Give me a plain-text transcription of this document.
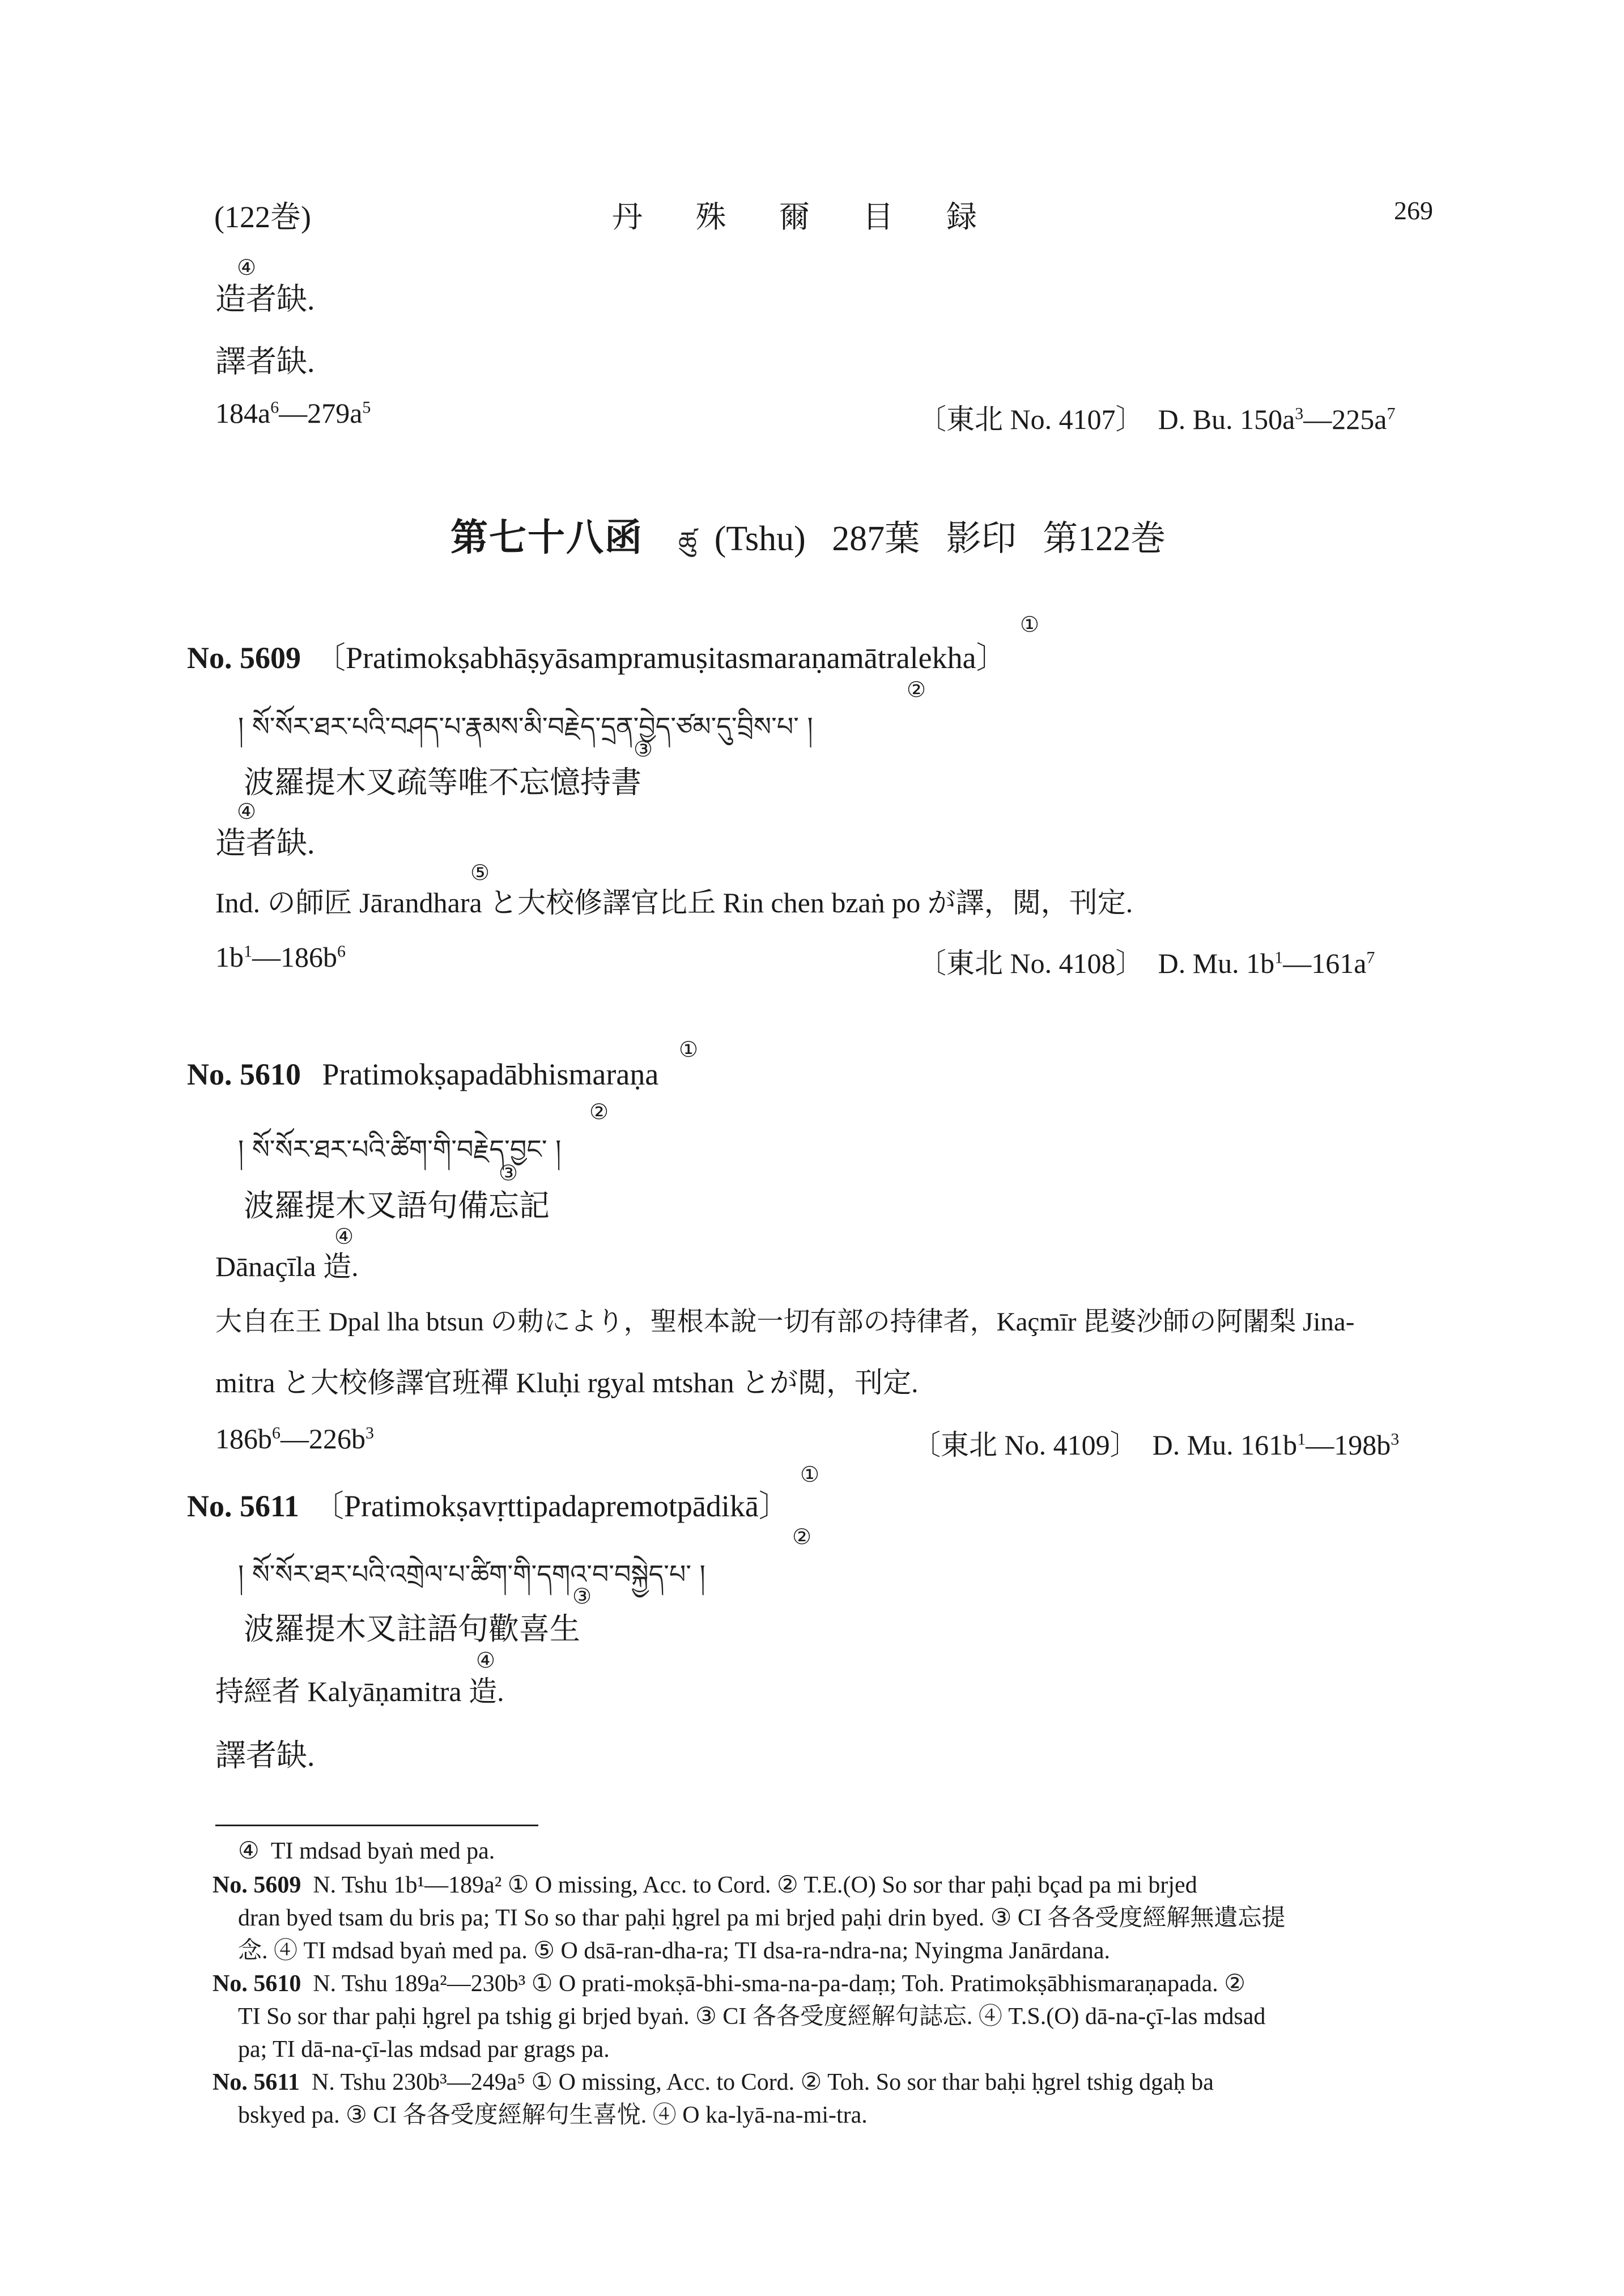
(122巻)	丹 殊 爾 目 録	269
④
造者缺.
譯者缺.
$184a^6—279a^5$	〔東北 No. 4107〕 D. Bu. $150a^3—225a^7$
第七十八函 ཚུ (Tshu) 287葉 影印 第122巻
①
No. 5609 〔Pratimokṣabhāṣyāsampramuṣitasmaraṇamātralekha〕
②
། སོ་སོར་ཐར་པའི་བཤད་པ་རྣམས་མི་བརྗེད་དྲན་བྱེད་ཙམ་དུ་བྲིས་པ་ །
③
波羅提木叉疏等唯不忘憶持書
④
造者缺.
⑤
Ind. の師匠 Jārandhara と大校修譯官比丘 Rin chen bzaṅ po が譯，閲，刊定.
$1b^1—186b^6$	〔東北 No. 4108〕 D. Mu. $1b^1—161a^7$
①
No. 5610 Pratimokṣapadābhismaraṇa
②
། སོ་སོར་ཐར་པའི་ཚིག་གི་བརྗེད་བྱང་ །
③
波羅提木叉語句備忘記
④
Dānaçīla 造.
大自在王 Dpal lha btsun の勅により，聖根本說一切有部の持律者，Kaçmīr 毘婆沙師の阿闍梨 Jina-
mitra と大校修譯官班禪 Kluḥi rgyal mtshan とが閲，刊定.
$186b^6—226b^3$	〔東北 No. 4109〕 D. Mu. $161b^1—198b^3$
①
No. 5611 〔Pratimokṣavṛttipadapremotpādikā〕
②
། སོ་སོར་ཐར་པའི་འགྲེལ་པ་ཚིག་གི་དགའ་བ་བསྐྱེད་པ་ །
③
波羅提木叉註語句歡喜生
④
持經者 Kalyāṇamitra 造.
譯者缺.
④ TI mdsad byaṅ med pa.
No. 5609 N. Tshu 1b¹—189a² ① O missing, Acc. to Cord. ② T.E.(O) So sor thar paḥi bçad pa mi brjed
dran byed tsam du bris pa; TI So so thar paḥi ḥgrel pa mi brjed paḥi drin byed. ③ CI 各各受度經解無遺忘提
念. ④ TI mdsad byaṅ med pa. ⑤ O dsā-ran-dha-ra; TI dsa-ra-ndra-na; Nyingma Janārdana.
No. 5610 N. Tshu 189a²—230b³ ① O prati-mokṣā-bhi-sma-na-pa-daṃ; Toh. Pratimokṣābhismaraṇapada. ②
TI So sor thar paḥi ḥgrel pa tshig gi brjed byaṅ. ③ CI 各各受度經解句誌忘. ④ T.S.(O) dā-na-çī-las mdsad
pa; TI dā-na-çī-las mdsad par grags pa.
No. 5611 N. Tshu 230b³—249a⁵ ① O missing, Acc. to Cord. ② Toh. So sor thar baḥi ḥgrel tshig dgaḥ ba
bskyed pa. ③ CI 各各受度經解句生喜悅. ④ O ka-lyā-na-mi-tra.
